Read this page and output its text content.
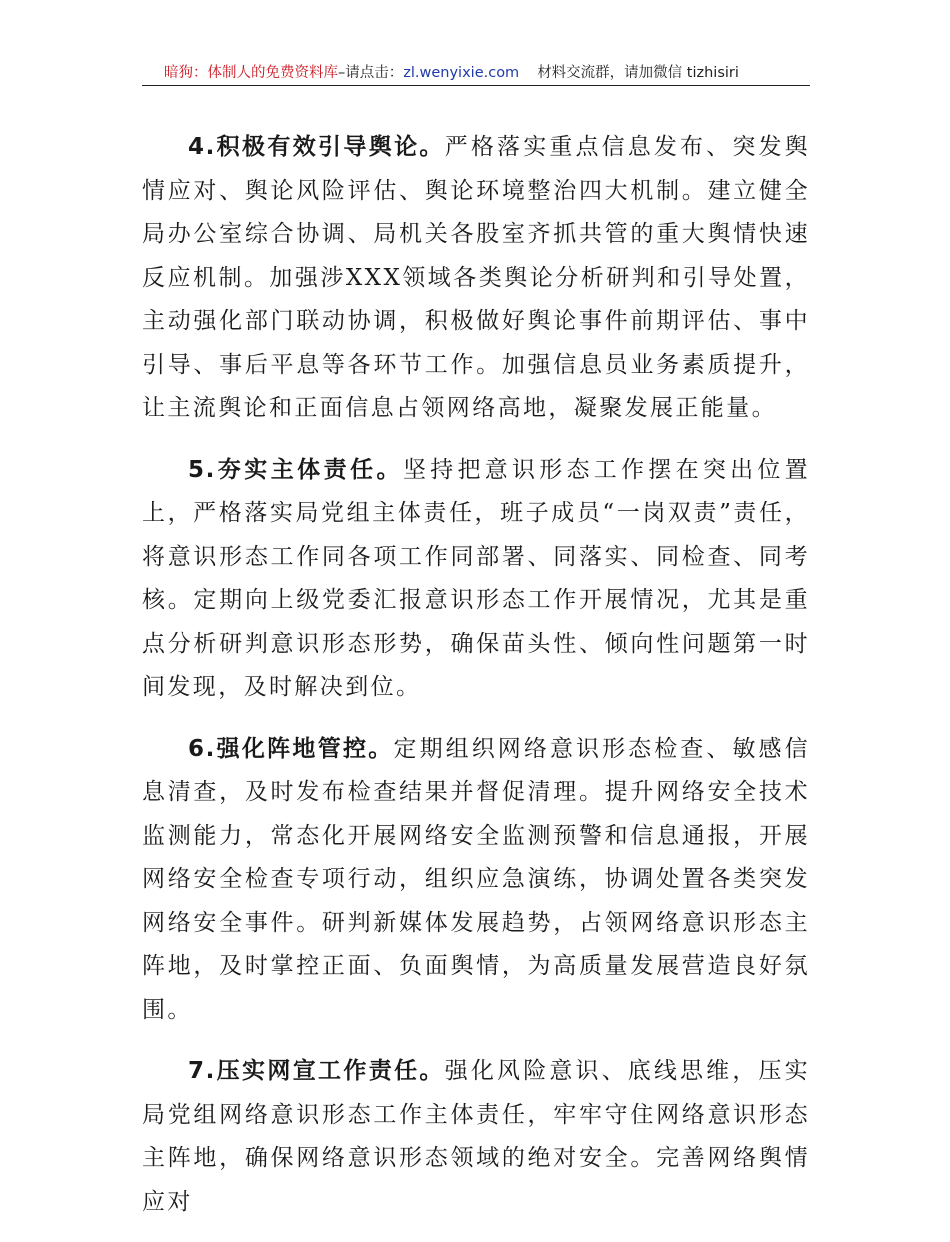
暗狗：体制人的免费资料库–请点击：zl.wenyixie.com 材料交流群，请加微信 tizhisiri

4.积极有效引导舆论。严格落实重点信息发布、突发舆情应对、舆论风险评估、舆论环境整治四大机制。建立健全局办公室综合协调、局机关各股室齐抓共管的重大舆情快速反应机制。加强涉XXX领域各类舆论分析研判和引导处置，主动强化部门联动协调，积极做好舆论事件前期评估、事中引导、事后平息等各环节工作。加强信息员业务素质提升，让主流舆论和正面信息占领网络高地，凝聚发展正能量。

5.夯实主体责任。坚持把意识形态工作摆在突出位置上，严格落实局党组主体责任，班子成员“一岗双责”责任，将意识形态工作同各项工作同部署、同落实、同检查、同考核。定期向上级党委汇报意识形态工作开展情况，尤其是重点分析研判意识形态形势，确保苗头性、倾向性问题第一时间发现，及时解决到位。

6.强化阵地管控。定期组织网络意识形态检查、敏感信息清查，及时发布检查结果并督促清理。提升网络安全技术监测能力，常态化开展网络安全监测预警和信息通报，开展网络安全检查专项行动，组织应急演练，协调处置各类突发网络安全事件。研判新媒体发展趋势，占领网络意识形态主阵地，及时掌控正面、负面舆情，为高质量发展营造良好氛围。

7.压实网宣工作责任。强化风险意识、底线思维，压实局党组网络意识形态工作主体责任，牢牢守住网络意识形态主阵地，确保网络意识形态领域的绝对安全。完善网络舆情应对
